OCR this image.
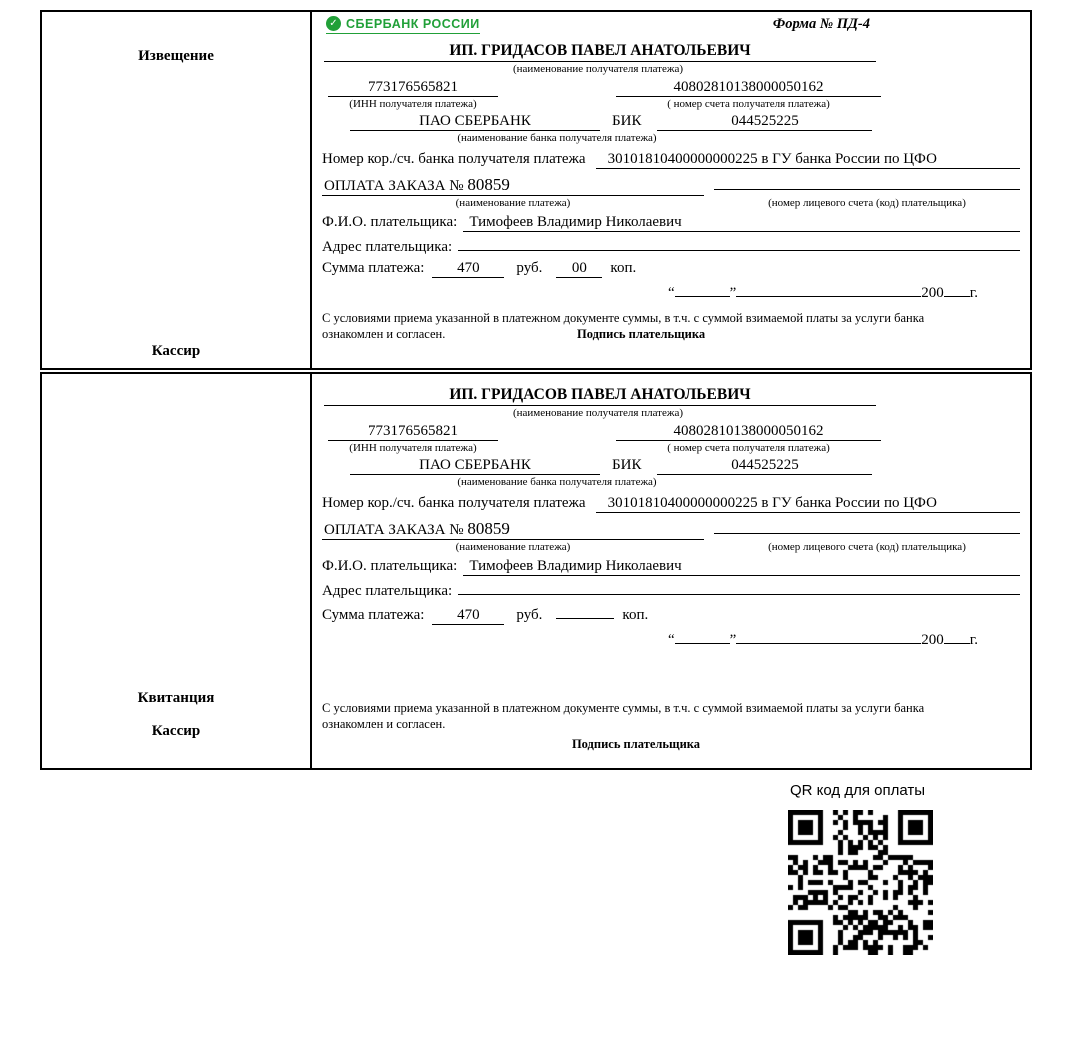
Извещение
Кассир
✓ СБЕРБАНК РОССИИ	Форма № ПД-4
ИП. ГРИДАСОВ ПАВЕЛ АНАТОЛЬЕВИЧ
(наименование получателя платежа)
773176565821	40802810138000050162
(ИНН получателя платежа)	( номер счета получателя платежа)
ПАО СБЕРБАНК	БИК	044525225
(наименование банка получателя платежа)
Номер кор./сч. банка получателя платежа	30101810400000000225 в ГУ банка России по ЦФО
ОПЛАТА ЗАКАЗА № 80859
(наименование платежа)	(номер лицевого счета (код) плательщика)
Ф.И.О. плательщика: Тимофеев Владимир Николаевич
Адрес плательщика:
Сумма платежа:	470	руб.	00	коп.
“	”	200 г.
С условиями приема указанной в платежном документе суммы, в т.ч. с суммой взимаемой платы за услуги банка ознакомлен и согласен.	Подпись плательщика
Квитанция
Кассир
ИП. ГРИДАСОВ ПАВЕЛ АНАТОЛЬЕВИЧ
(наименование получателя платежа)
773176565821	40802810138000050162
(ИНН получателя платежа)	( номер счета получателя платежа)
ПАО СБЕРБАНК	БИК	044525225
(наименование банка получателя платежа)
Номер кор./сч. банка получателя платежа	30101810400000000225 в ГУ банка России по ЦФО
ОПЛАТА ЗАКАЗА № 80859
(наименование платежа)	(номер лицевого счета (код) плательщика)
Ф.И.О. плательщика: Тимофеев Владимир Николаевич
Адрес плательщика:
Сумма платежа:	470	руб.	коп.
“	”	200 г.
С условиями приема указанной в платежном документе суммы, в т.ч. с суммой взимаемой платы за услуги банка ознакомлен и согласен.
Подпись плательщика
QR код для оплаты
